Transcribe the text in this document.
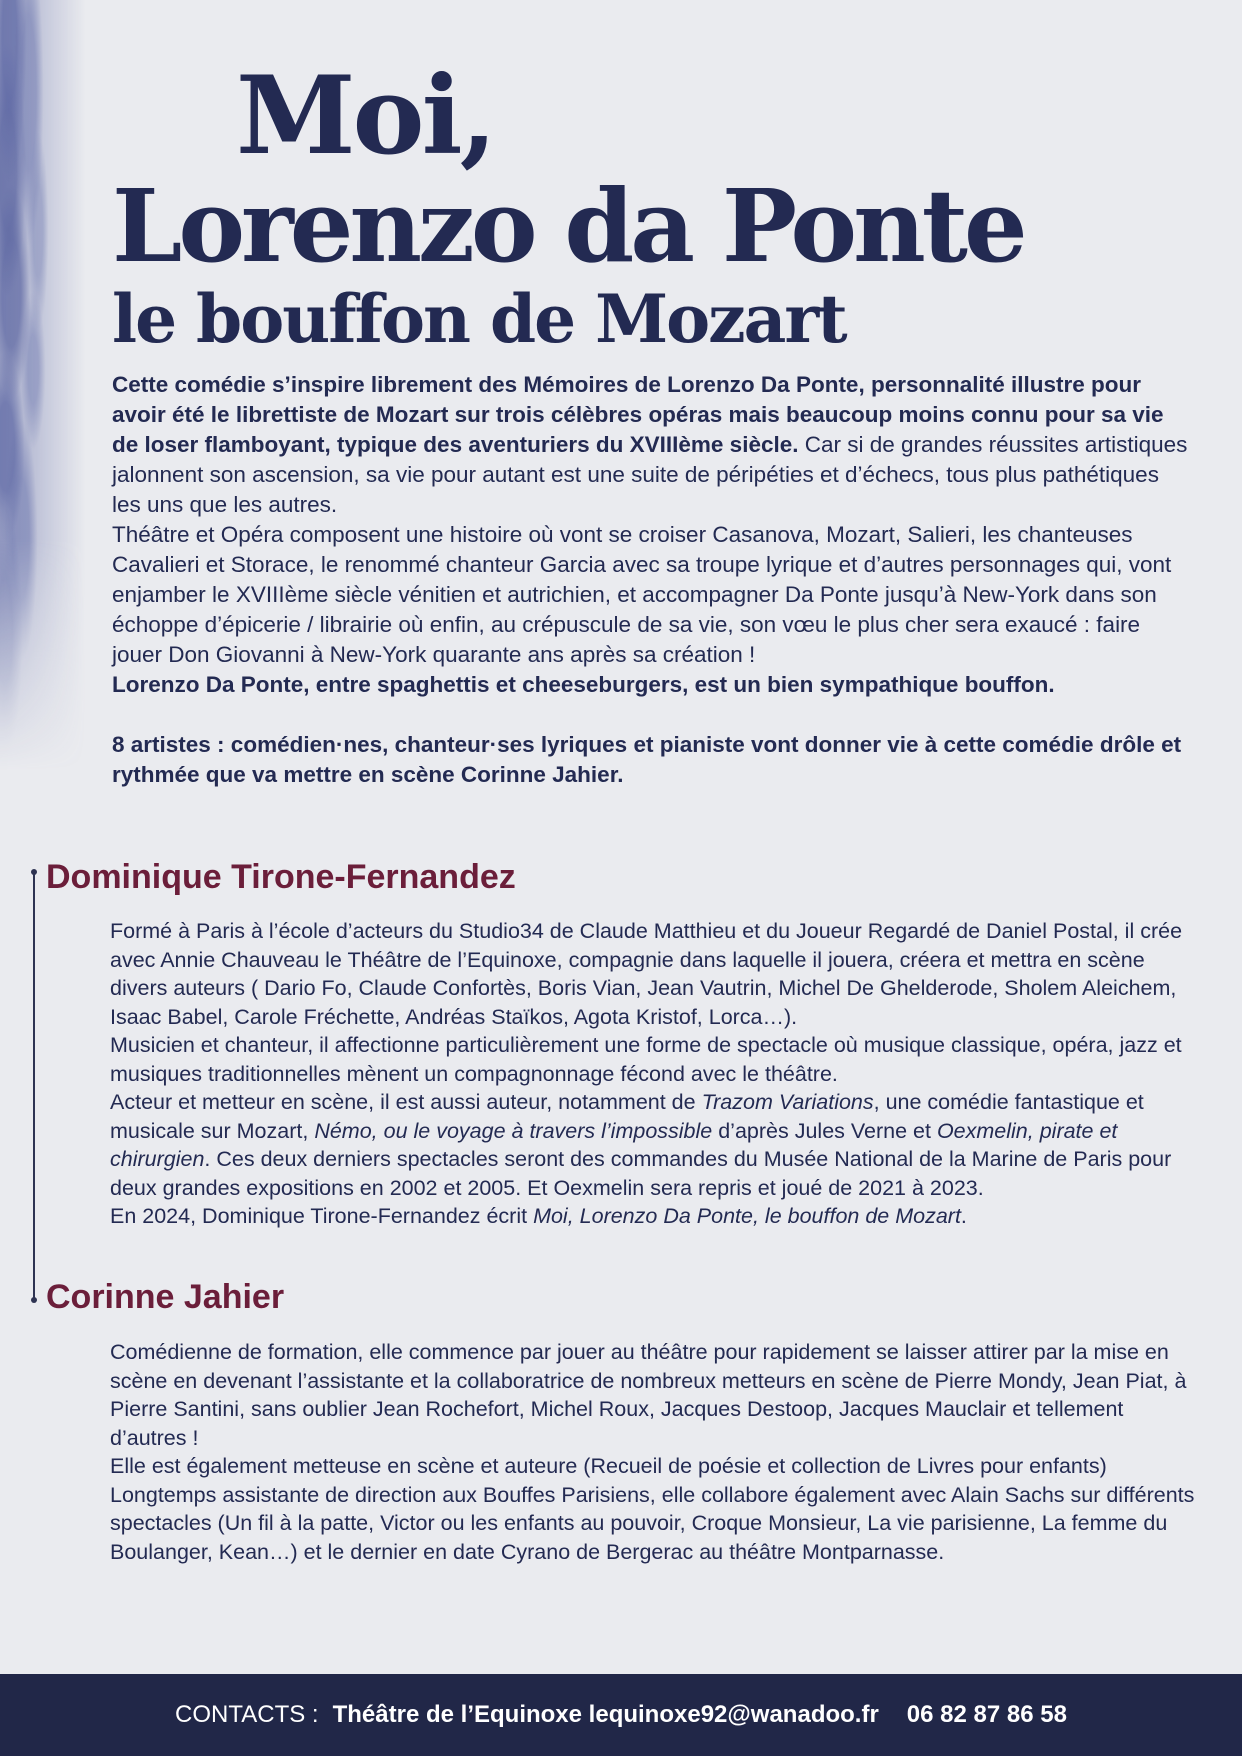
Moi,
Lorenzo da Ponte
le bouffon de Mozart

Cette comédie s’inspire librement des Mémoires de Lorenzo Da Ponte, personnalité illustre pour avoir été le librettiste de Mozart sur trois célèbres opéras mais beaucoup moins connu pour sa vie de loser flamboyant, typique des aventuriers du XVIIIème siècle. Car si de grandes réussites artistiques jalonnent son ascension, sa vie pour autant est une suite de péripéties et d’échecs, tous plus pathétiques les uns que les autres.

Théâtre et Opéra composent une histoire où vont se croiser Casanova, Mozart, Salieri, les chanteuses Cavalieri et Storace, le renommé chanteur Garcia avec sa troupe lyrique et d’autres personnages qui, vont enjamber le XVIIIème siècle vénitien et autrichien, et accompagner Da Ponte jusqu’à New-York dans son échoppe d’épicerie / librairie où enfin, au crépuscule de sa vie, son vœu le plus cher sera exaucé : faire jouer Don Giovanni à New-York quarante ans après sa création !

Lorenzo Da Ponte, entre spaghettis et cheeseburgers, est un bien sympathique bouffon.

8 artistes : comédien·nes, chanteur·ses lyriques et pianiste vont donner vie à cette comédie drôle et rythmée que va mettre en scène Corinne Jahier.

Dominique Tirone-Fernandez

Formé à Paris à l’école d’acteurs du Studio34 de Claude Matthieu et du Joueur Regardé de Daniel Postal, il crée avec Annie Chauveau le Théâtre de l’Equinoxe, compagnie dans laquelle il jouera, créera et mettra en scène divers auteurs ( Dario Fo, Claude Confortès, Boris Vian, Jean Vautrin, Michel De Ghelderode, Sholem Aleichem, Isaac Babel, Carole Fréchette, Andréas Staïkos, Agota Kristof, Lorca…).

Musicien et chanteur, il affectionne particulièrement une forme de spectacle où musique classique, opéra, jazz et musiques traditionnelles mènent un compagnonnage fécond avec le théâtre.

Acteur et metteur en scène, il est aussi auteur, notamment de Trazom Variations, une comédie fantastique et musicale sur Mozart, Némo, ou le voyage à travers l’impossible d’après Jules Verne et Oexmelin, pirate et chirurgien. Ces deux derniers spectacles seront des commandes du Musée National de la Marine de Paris pour deux grandes expositions en 2002 et 2005. Et Oexmelin sera repris et joué de 2021 à 2023.

En 2024, Dominique Tirone-Fernandez écrit Moi, Lorenzo Da Ponte, le bouffon de Mozart.

Corinne Jahier

Comédienne de formation, elle commence par jouer au théâtre pour rapidement se laisser attirer par la mise en scène en devenant l’assistante et la collaboratrice de nombreux metteurs en scène de Pierre Mondy, Jean Piat, à Pierre Santini, sans oublier Jean Rochefort, Michel Roux, Jacques Destoop, Jacques Mauclair et tellement d’autres !

Elle est également metteuse en scène et auteure (Recueil de poésie et collection de Livres pour enfants)

Longtemps assistante de direction aux Bouffes Parisiens, elle collabore également avec Alain Sachs sur différents spectacles (Un fil à la patte, Victor ou les enfants au pouvoir, Croque Monsieur, La vie parisienne, La femme du Boulanger, Kean…) et le dernier en date Cyrano de Bergerac au théâtre Montparnasse.

CONTACTS : Théâtre de l’Equinoxe
lequinoxe92@wanadoo.fr 06 82 87 86 58
